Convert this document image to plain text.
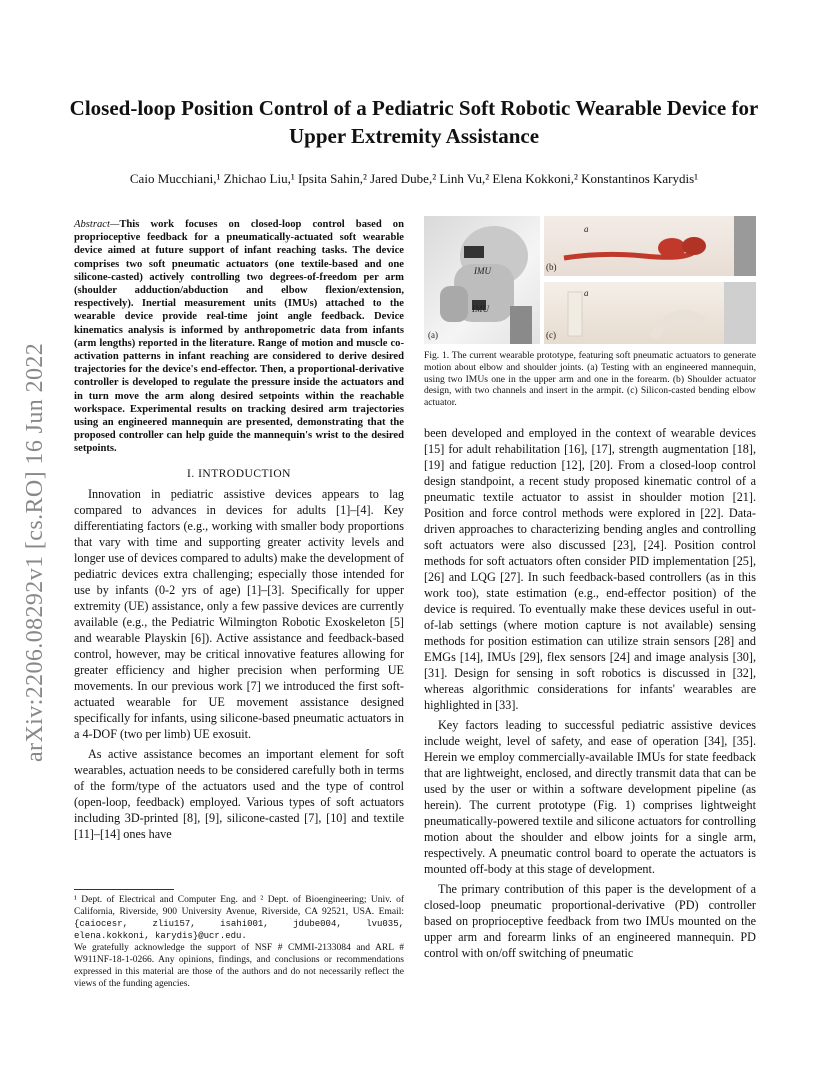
arXiv:2206.08292v1 [cs.RO] 16 Jun 2022
Closed-loop Position Control of a Pediatric Soft Robotic Wearable Device for Upper Extremity Assistance
Caio Mucchiani,¹ Zhichao Liu,¹ Ipsita Sahin,² Jared Dube,² Linh Vu,² Elena Kokkoni,² Konstantinos Karydis¹

Abstract—This work focuses on closed-loop control based on proprioceptive feedback for a pneumatically-actuated soft wearable device aimed at future support of infant reaching tasks. The device comprises two soft pneumatic actuators (one textile-based and one silicone-casted) actively controlling two degrees-of-freedom per arm (shoulder adduction/abduction and elbow flexion/extension, respectively). Inertial measurement units (IMUs) attached to the wearable device provide real-time joint angle feedback. Device kinematics analysis is informed by anthropometric data from infants (arm lengths) reported in the literature. Range of motion and muscle co-activation patterns in infant reaching are considered to derive desired trajectories for the device's end-effector. Then, a proportional-derivative controller is developed to regulate the pressure inside the actuators and in turn move the arm along desired setpoints within the reachable workspace. Experimental results on tracking desired arm trajectories using an engineered mannequin are presented, demonstrating that the proposed controller can help guide the mannequin's wrist to the desired setpoints.

I. INTRODUCTION

Innovation in pediatric assistive devices appears to lag compared to advances in devices for adults [1]–[4]. Key differentiating factors (e.g., working with smaller body proportions that vary with time and supporting greater activity levels and longer use of devices compared to adults) make the development of pediatric devices extra challenging; especially those intended for use by infants (0-2 yrs of age) [1]–[3]. Specifically for upper extremity (UE) assistance, only a few passive devices are currently available (e.g., the Pediatric Wilmington Robotic Exoskeleton [5] and wearable Playskin [6]). Active assistance and feedback-based control, however, may be critical innovative features allowing for greater efficiency and higher precision when performing UE movements. In our previous work [7] we introduced the first soft-actuated wearable for UE movement assistance designed specifically for infants, using silicone-based pneumatic actuators in a 4-DOF (two per limb) UE exosuit.

As active assistance becomes an important element for soft wearables, actuation needs to be considered carefully both in terms of the form/type of the actuators used and the type of control (open-loop, feedback) employed. Various types of soft actuators including 3D-printed [8], [9], silicone-casted [7], [10] and textile [11]–[14] ones have

¹ Dept. of Electrical and Computer Eng. and ² Dept. of Bioengineering; Univ. of California, Riverside, 900 University Avenue, Riverside, CA 92521, USA. Email: {caiocesr, zliu157, isahi001, jdube004, lvu035, elena.kokkoni, karydis}@ucr.edu.
We gratefully acknowledge the support of NSF # CMMI-2133084 and ARL # W911NF-18-1-0266. Any opinions, findings, and conclusions or recommendations expressed in this material are those of the authors and do not necessarily reflect the views of the funding agencies.
IMU
IMU
(a)
a
(b)
a
(c)
Fig. 1. The current wearable prototype, featuring soft pneumatic actuators to generate motion about elbow and shoulder joints. (a) Testing with an engineered mannequin, using two IMUs one in the upper arm and one in the forearm. (b) Shoulder actuator design, with two channels and insert in the armpit. (c) Silicon-casted bending elbow actuator.

been developed and employed in the context of wearable devices [15] for adult rehabilitation [16], [17], strength augmentation [18], [19] and fatigue reduction [12], [20]. From a closed-loop control design standpoint, a recent study proposed kinematic control of a pneumatic textile actuator to assist in shoulder motion [21]. Position and force control methods were explored in [22]. Data-driven approaches to characterizing bending angles and controlling soft actuators were also discussed [23], [24]. Position control methods for soft actuators often consider PID implementation [25], [26] and LQG [27]. In such feedback-based controllers (as in this work too), state estimation (e.g., end-effector position) of the device is required. To eventually make these devices useful in out-of-lab settings (where motion capture is not available) sensing methods for position estimation can utilize strain sensors [28] and EMGs [14], IMUs [29], flex sensors [24] and image analysis [30], [31]. Design for sensing in soft robotics is discussed in [32], whereas algorithmic considerations for infants' wearables are highlighted in [33].

Key factors leading to successful pediatric assistive devices include weight, level of safety, and ease of operation [34], [35]. Herein we employ commercially-available IMUs for state feedback that are lightweight, enclosed, and directly transmit data that can be used by the user or within a software development pipeline (as herein). The current prototype (Fig. 1) comprises lightweight pneumatically-powered textile and silicone actuators for controlling motion about the shoulder and elbow joints for a single arm, respectively. A pneumatic control board to operate the actuators is mounted off-body at this stage of development.

The primary contribution of this paper is the development of a closed-loop pneumatic proportional-derivative (PD) controller based on proprioceptive feedback from two IMUs mounted on the upper arm and forearm links of an engineered mannequin. PD control with on/off switching of pneumatic
